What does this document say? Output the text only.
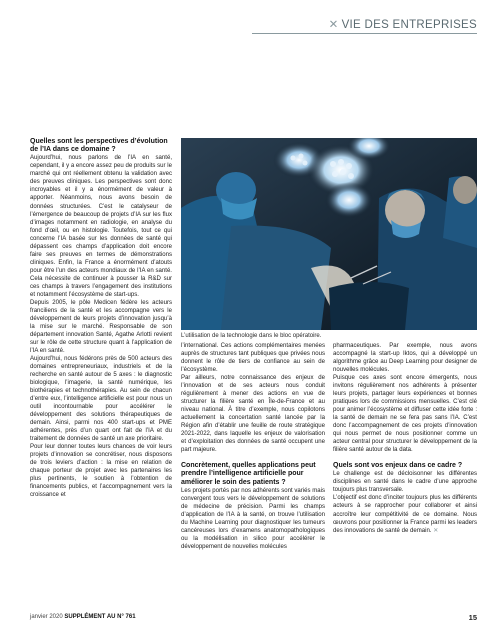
✕ VIE DES ENTREPRISES
L’utilisation de la technologie dans le bloc opératoire.
Quelles sont les perspectives d’évolution de l’IA dans ce domaine ?

Aujourd’hui, nous parlons de l’IA en santé, cependant, il y a encore assez peu de produits sur le marché qui ont réellement obtenu la validation avec des preuves cliniques. Les perspectives sont donc incroyables et il y a énormément de valeur à apporter. Néanmoins, nous avons besoin de données structurées. C’est le catalyseur de l’émergence de beaucoup de projets d’IA sur les flux d’images notamment en radiologie, en analyse du fond d’œil, ou en histologie. Toutefois, tout ce qui concerne l’IA basée sur les données de santé qui dépassent ces champs d’application doit encore faire ses preuves en termes de démonstrations cliniques. Enfin, la France a énormément d’atouts pour être l’un des acteurs mondiaux de l’IA en santé. Cela nécessite de continuer à pousser la R&D sur ces champs à travers l’engagement des institutions et notamment l’écosystème de start-ups.

Depuis 2005, le pôle Medicen fédère les acteurs franciliens de la santé et les accompagne vers le développement de leurs projets d’innovation jusqu’à la mise sur le marché. Responsable de son département innovation Santé, Agathe Arlotti revient sur le rôle de cette structure quant à l’application de l’IA en santé.

Aujourd’hui, nous fédérons près de 500 acteurs des domaines entrepreneuriaux, industriels et de la recherche en santé autour de 5 axes : le diagnostic biologique, l’imagerie, la santé numérique, les biothérapies et technothérapies. Au sein de chacun d’entre eux, l’intelligence artificielle est pour nous un outil incontournable pour accélérer le développement des solutions thérapeutiques de demain. Ainsi, parmi nos 400 start-ups et PME adhérentes, près d’un quart ont fait de l’IA et du traitement de données de santé un axe prioritaire.

Pour leur donner toutes leurs chances de voir leurs projets d’innovation se concrétiser, nous disposons de trois leviers d’action : la mise en relation de chaque porteur de projet avec les partenaires les plus pertinents, le soutien à l’obtention de financements publics, et l’accompagnement vers la croissance et

l’international. Ces actions complémentaires menées auprès de structures tant publiques que privées nous donnent le rôle de tiers de confiance au sein de l’écosystème.

Par ailleurs, notre connaissance des enjeux de l’innovation et de ses acteurs nous conduit régulièrement à mener des actions en vue de structurer la filière santé en Île-de-France et au niveau national. À titre d’exemple, nous copilotons actuellement la concertation santé lancée par la Région afin d’établir une feuille de route stratégique 2021-2022, dans laquelle les enjeux de valorisation et d’exploitation des données de santé occupent une part majeure.

Concrètement, quelles applications peut prendre l’intelligence artificielle pour améliorer le soin des patients ?

Les projets portés par nos adhérents sont variés mais convergent tous vers le développement de solutions de médecine de précision. Parmi les champs d’application de l’IA à la santé, on trouve l’utilisation du Machine Learning pour diagnostiquer les tumeurs cancéreuses lors d’examens anatomopathologiques ou la modélisation in silico pour accélérer le développement de nouvelles molécules

pharmaceutiques. Par exemple, nous avons accompagné la start-up Iktos, qui a développé un algorithme grâce au Deep Learning pour designer de nouvelles molécules.

Puisque ces axes sont encore émergents, nous invitons régulièrement nos adhérents à présenter leurs projets, partager leurs expériences et bonnes pratiques lors de commissions mensuelles. C’est clé pour animer l’écosystème et diffuser cette idée forte : la santé de demain ne se fera pas sans l’IA. C’est donc l’accompagnement de ces projets d’innovation qui nous permet de nous positionner comme un acteur central pour structurer le développement de la filière santé autour de la data.

Quels sont vos enjeux dans ce cadre ?

Le challenge est de décloisonner les différentes disciplines en santé dans le cadre d’une approche toujours plus transversale.

L’objectif est donc d’inciter toujours plus les différents acteurs à se rapprocher pour collaborer et ainsi accroître leur compétitivité de ce domaine. Nous œuvrons pour positionner la France parmi les leaders des innovations de santé de demain. ✕

janvier 2020 SUPPLÉMENT AU N° 761	15
